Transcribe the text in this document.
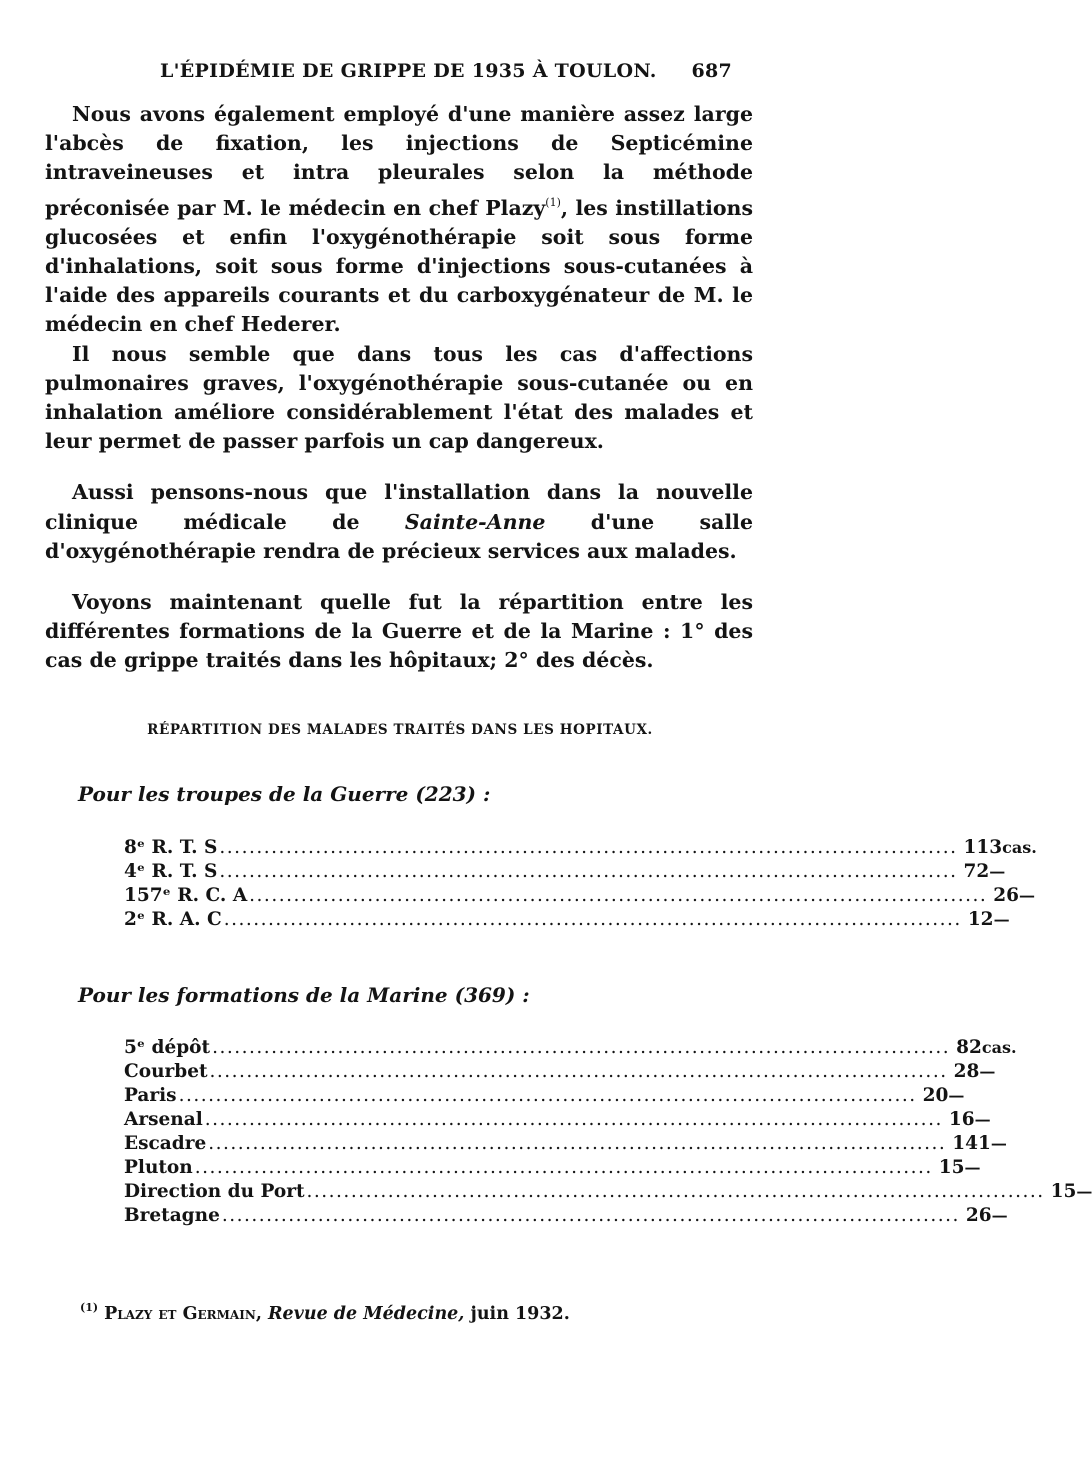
L'ÉPIDÉMIE DE GRIPPE DE 1935 À TOULON. 687

Nous avons également employé d'une manière assez large l'abcès de fixation, les injections de Septicémine intraveineuses et intra pleurales selon la méthode préconisée par M. le médecin en chef Plazy$^{(1)}$, les instillations glucosées et enfin l'oxygénothérapie soit sous forme d'inhalations, soit sous forme d'injections sous-cutanées à l'aide des appareils courants et du carboxygénateur de M. le médecin en chef Hederer.

Il nous semble que dans tous les cas d'affections pulmonaires graves, l'oxygénothérapie sous-cutanée ou en inhalation améliore considérablement l'état des malades et leur permet de passer parfois un cap dangereux.

Aussi pensons-nous que l'installation dans la nouvelle clinique médicale de Sainte-Anne d'une salle d'oxygénothérapie rendra de précieux services aux malades.

Voyons maintenant quelle fut la répartition entre les différentes formations de la Guerre et de la Marine : 1° des cas de grippe traités dans les hôpitaux; 2° des décès.

RÉPARTITION DES MALADES TRAITÉS DANS LES HOPITAUX.
Pour les troupes de la Guerre (223) :
8ᵉ R. T. S .................................................................................................... 113 cas.
4ᵉ R. T. S .................................................................................................... 72 —
157ᵉ R. C. A .................................................................................................... 26 —
2ᵉ R. A. C .................................................................................................... 12 —
Pour les formations de la Marine (369) :
5ᵉ dépôt .................................................................................................... 82 cas.
Courbet .................................................................................................... 28 —
Paris .................................................................................................... 20 —
Arsenal .................................................................................................... 16 —
Escadre .................................................................................................... 141 —
Pluton .................................................................................................... 15 —
Direction du Port .................................................................................................... 15 —
Bretagne .................................................................................................... 26 —
$^{(1)}$ Plazy et Germain, Revue de Médecine, juin 1932.
